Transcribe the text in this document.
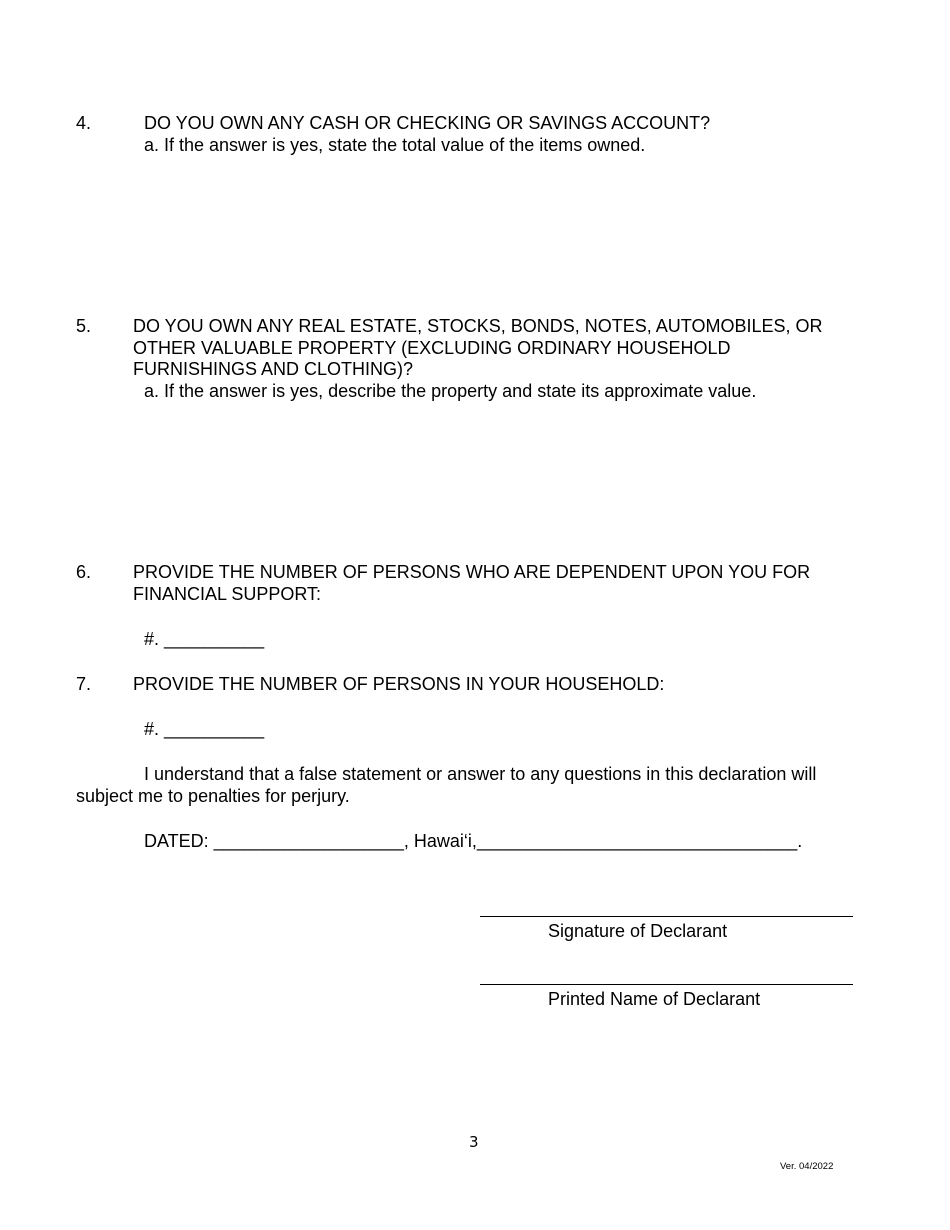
4.	DO YOU OWN ANY CASH OR CHECKING OR SAVINGS ACCOUNT?
a. If the answer is yes, state the total value of the items owned.
5. DO YOU OWN ANY REAL ESTATE, STOCKS, BONDS, NOTES, AUTOMOBILES, OR
OTHER VALUABLE PROPERTY (EXCLUDING ORDINARY HOUSEHOLD
FURNISHINGS AND CLOTHING)?
a. If the answer is yes, describe the property and state its approximate value.
6. PROVIDE THE NUMBER OF PERSONS WHO ARE DEPENDENT UPON YOU FOR
FINANCIAL SUPPORT:
#. __________
7. PROVIDE THE NUMBER OF PERSONS IN YOUR HOUSEHOLD:
#. __________
I understand that a false statement or answer to any questions in this declaration will
subject me to penalties for perjury.
DATED: ___________________, Hawai‘i,________________________________.
Signature of Declarant
Printed Name of Declarant
3
Ver. 04/2022
